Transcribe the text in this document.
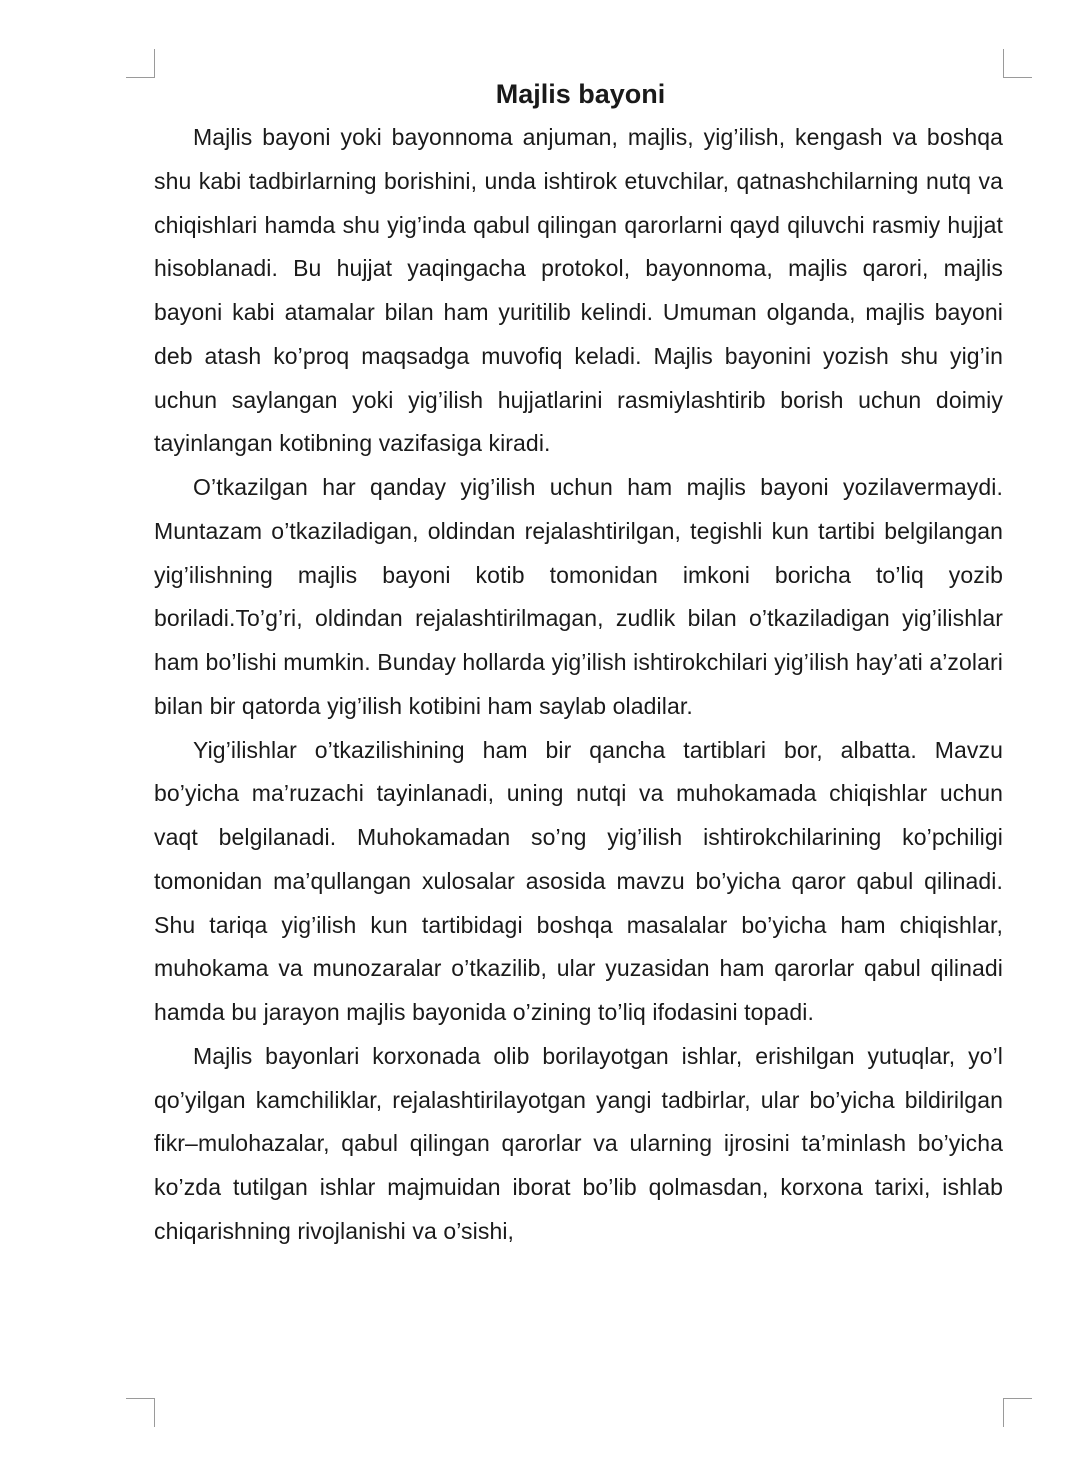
Majlis bayoni

Majlis bayoni yoki bayonnoma anjuman, majlis, yig’ilish, kengash va boshqa shu kabi tadbirlarning borishini, unda ishtirok etuvchilar, qatnashchilarning nutq va chiqishlari hamda shu yig’inda qabul qilingan qarorlarni qayd qiluvchi rasmiy hujjat hisoblanadi. Bu hujjat yaqingacha protokol, bayonnoma, majlis qarori, majlis bayoni kabi atamalar bilan ham yuritilib kelindi. Umuman olganda, majlis bayoni deb atash ko’proq maqsadga muvofiq keladi. Majlis bayonini yozish shu yig’in uchun saylangan yoki yig’ilish hujjatlarini rasmiylashtirib borish uchun doimiy tayinlangan kotibning vazifasiga kiradi.

O’tkazilgan har qanday yig’ilish uchun ham majlis bayoni yozilavermaydi. Muntazam o’tkaziladigan, oldindan rejalashtirilgan, tegishli kun tartibi belgilangan yig’ilishning majlis bayoni kotib tomonidan imkoni boricha to’liq yozib boriladi.To’g’ri, oldindan rejalashtirilmagan, zudlik bilan o’tkaziladigan yig’ilishlar ham bo’lishi mumkin. Bunday hollarda yig’ilish ishtirokchilari yig’ilish hay’ati a’zolari bilan bir qatorda yig’ilish kotibini ham saylab oladilar.

Yig’ilishlar o’tkazilishining ham bir qancha tartiblari bor, albatta. Mavzu bo’yicha ma’ruzachi tayinlanadi, uning nutqi va muhokamada chiqishlar uchun vaqt belgilanadi. Muhokamadan so’ng yig’ilish ishtirokchilarining ko’pchiligi tomonidan ma’qullangan xulosalar asosida mavzu bo’yicha qaror qabul qilinadi. Shu tariqa yig’ilish kun tartibidagi boshqa masalalar bo’yicha ham chiqishlar, muhokama va munozaralar o’tkazilib, ular yuzasidan ham qarorlar qabul qilinadi hamda bu jarayon majlis bayonida o’zining to’liq ifodasini topadi.

Majlis bayonlari korxonada olib borilayotgan ishlar, erishilgan yutuqlar, yo’l qo’yilgan kamchiliklar, rejalashtirilayotgan yangi tadbirlar, ular bo’yicha bildirilgan fikr–mulohazalar, qabul qilingan qarorlar va ularning ijrosini ta’minlash bo’yicha ko’zda tutilgan ishlar majmuidan iborat bo’lib qolmasdan, korxona tarixi, ishlab chiqarishning rivojlanishi va o’sishi,
